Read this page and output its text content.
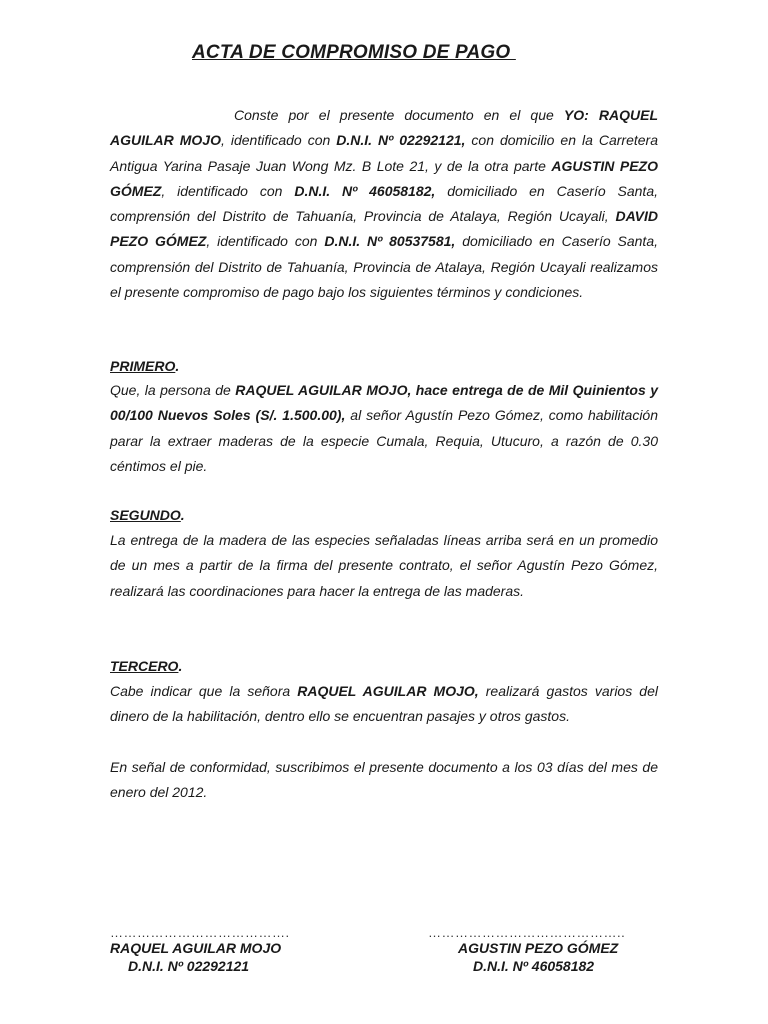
ACTA DE COMPROMISO DE PAGO

Conste por el presente documento en el que YO: RAQUEL AGUILAR MOJO, identificado con D.N.I. Nº 02292121, con domicilio en la Carretera Antigua Yarina Pasaje Juan Wong Mz. B Lote 21, y de la otra parte AGUSTIN PEZO GÓMEZ, identificado con D.N.I. Nº 46058182, domiciliado en Caserío Santa, comprensión del Distrito de Tahuanía, Provincia de Atalaya, Región Ucayali, DAVID PEZO GÓMEZ, identificado con D.N.I. Nº 80537581, domiciliado en Caserío Santa, comprensión del Distrito de Tahuanía, Provincia de Atalaya, Región Ucayali realizamos el presente compromiso de pago bajo los siguientes términos y condiciones.

PRIMERO.

Que, la persona de RAQUEL AGUILAR MOJO, hace entrega de de Mil Quinientos y 00/100 Nuevos Soles (S/. 1.500.00), al señor Agustín Pezo Gómez, como habilitación parar la extraer maderas de la especie Cumala, Requia, Utucuro, a razón de 0.30 céntimos el pie.

SEGUNDO.

La entrega de la madera de las especies señaladas líneas arriba será en un promedio de un mes a partir de la firma del presente contrato, el señor Agustín Pezo Gómez, realizará las coordinaciones para hacer la entrega de las maderas.

TERCERO.

Cabe indicar que la señora RAQUEL AGUILAR MOJO, realizará gastos varios del dinero de la habilitación, dentro ello se encuentran pasajes y otros gastos.

En señal de conformidad, suscribimos el presente documento a los 03 días del mes de enero del 2012.

………………………………….
RAQUEL AGUILAR MOJO
D.N.I. Nº 02292121
……………………………………..
AGUSTIN PEZO GÓMEZ
D.N.I. Nº 46058182
